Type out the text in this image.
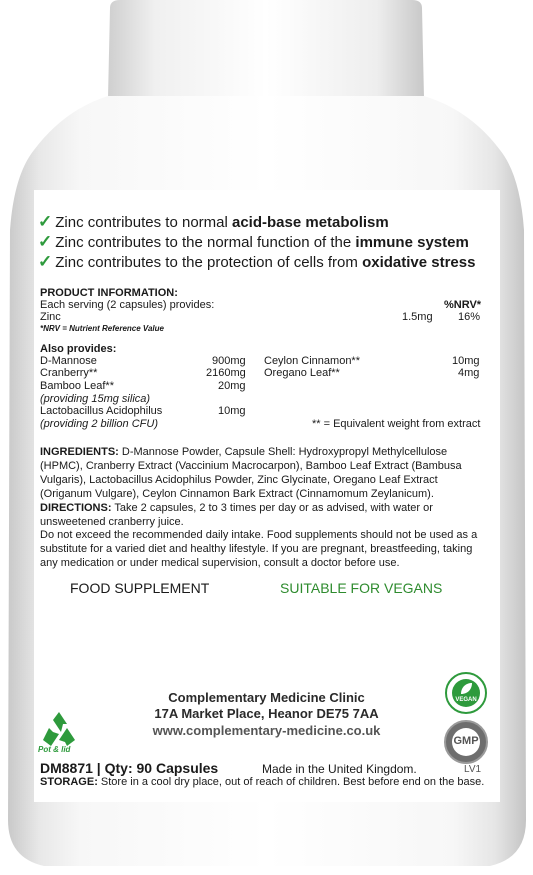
✓ Zinc contributes to normal acid-base metabolism
✓ Zinc contributes to the normal function of the immune system
✓ Zinc contributes to the protection of cells from oxidative stress
PRODUCT INFORMATION:
Each serving (2 capsules) provides:	%NRV*
Zinc	1.5mg 16%
*NRV = Nutrient Reference Value
Also provides:
D-Mannose	900mg
Cranberry**	2160mg
Bamboo Leaf**	20mg
(providing 15mg silica)
Lactobacillus Acidophilus	10mg
(providing 2 billion CFU)
Ceylon Cinnamon**	10mg
Oregano Leaf**	4mg
** = Equivalent weight from extract
INGREDIENTS: D-Mannose Powder, Capsule Shell: Hydroxypropyl Methylcellulose (HPMC), Cranberry Extract (Vaccinium Macrocarpon), Bamboo Leaf Extract (Bambusa Vulgaris), Lactobacillus Acidophilus Powder, Zinc Glycinate, Oregano Leaf Extract (Origanum Vulgare), Ceylon Cinnamon Bark Extract (Cinnamomum Zeylanicum).
DIRECTIONS: Take 2 capsules, 2 to 3 times per day or as advised, with water or unsweetened cranberry juice.
Do not exceed the recommended daily intake. Food supplements should not be used as a substitute for a varied diet and healthy lifestyle. If you are pregnant, breastfeeding, taking any medication or under medical supervision, consult a doctor before use.
FOOD SUPPLEMENT	SUITABLE FOR VEGANS
Complementary Medicine Clinic
17A Market Place, Heanor DE75 7AA
www.complementary-medicine.co.uk
Pot & lid
VEGAN
GMP
DM8871 | Qty: 90 Capsules	Made in the United Kingdom.	LV1
STORAGE: Store in a cool dry place, out of reach of children. Best before end on the base.
